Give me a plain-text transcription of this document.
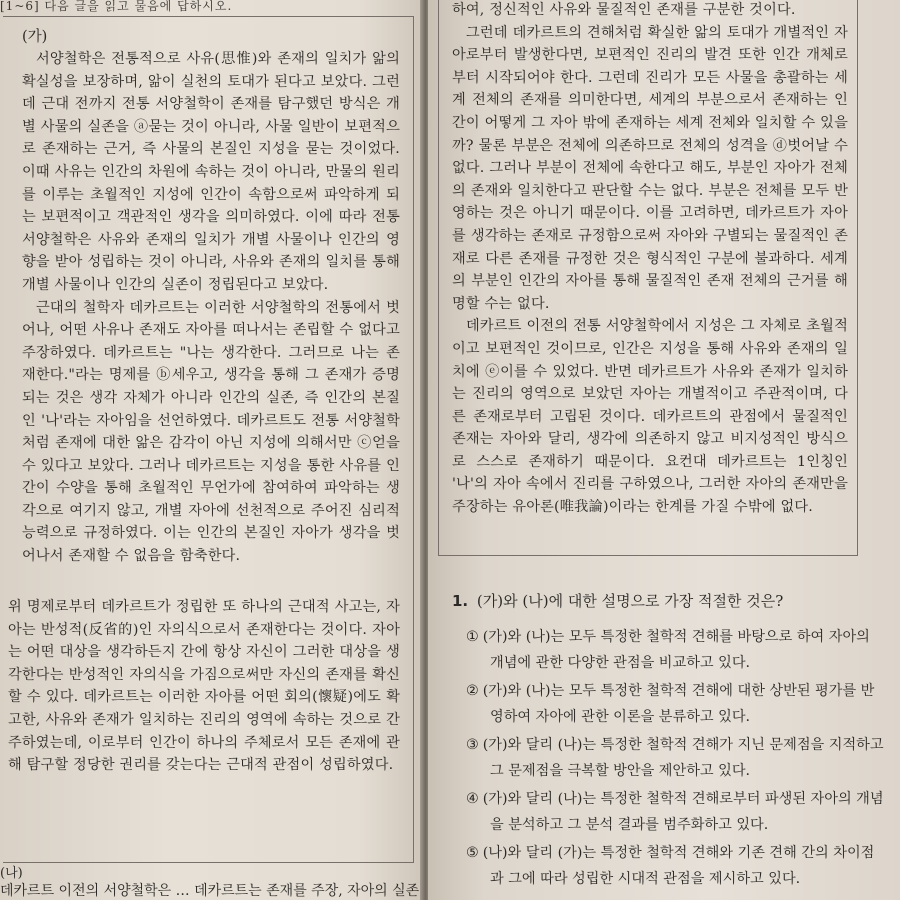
[1~6] 다음 글을 읽고 물음에 답하시오.
(가)

서양철학은 전통적으로 사유(思惟)와 존재의 일치가 앎의 확실성을 보장하며, 앎이 실천의 토대가 된다고 보았다. 그런데 근대 전까지 전통 서양철학이 존재를 탐구했던 방식은 개별 사물의 실존을 ⓐ묻는 것이 아니라, 사물 일반이 보편적으로 존재하는 근거, 즉 사물의 본질인 지성을 묻는 것이었다. 이때 사유는 인간의 차원에 속하는 것이 아니라, 만물의 원리를 이루는 초월적인 지성에 인간이 속함으로써 파악하게 되는 보편적이고 객관적인 생각을 의미하였다. 이에 따라 전통 서양철학은 사유와 존재의 일치가 개별 사물이나 인간의 영향을 받아 성립하는 것이 아니라, 사유와 존재의 일치를 통해 개별 사물이나 인간의 실존이 정립된다고 보았다.

근대의 철학자 데카르트는 이러한 서양철학의 전통에서 벗어나, 어떤 사유나 존재도 자아를 떠나서는 존립할 수 없다고 주장하였다. 데카르트는 "나는 생각한다. 그러므로 나는 존재한다."라는 명제를 ⓑ세우고, 생각을 통해 그 존재가 증명되는 것은 생각 자체가 아니라 인간의 실존, 즉 인간의 본질인 '나'라는 자아임을 선언하였다. 데카르트도 전통 서양철학처럼 존재에 대한 앎은 감각이 아닌 지성에 의해서만 ⓒ얻을 수 있다고 보았다. 그러나 데카르트는 지성을 통한 사유를 인간이 수양을 통해 초월적인 무언가에 참여하여 파악하는 생각으로 여기지 않고, 개별 자아에 선천적으로 주어진 심리적 능력으로 규정하였다. 이는 인간의 본질인 자아가 생각을 벗어나서 존재할 수 없음을 함축한다.

위 명제로부터 데카르트가 정립한 또 하나의 근대적 사고는, 자아는 반성적(反省的)인 자의식으로서 존재한다는 것이다. 자아는 어떤 대상을 생각하든지 간에 항상 자신이 그러한 대상을 생각한다는 반성적인 자의식을 가짐으로써만 자신의 존재를 확신할 수 있다. 데카르트는 이러한 자아를 어떤 회의(懷疑)에도 확고한, 사유와 존재가 일치하는 진리의 영역에 속하는 것으로 간주하였는데, 이로부터 인간이 하나의 주체로서 모든 존재에 관해 탐구할 정당한 권리를 갖는다는 근대적 관점이 성립하였다.

(나)
데카르트 이전의 서양철학은 … 데카르트는 존재를 주장, 자아의 실존

하여, 정신적인 사유와 물질적인 존재를 구분한 것이다.

그런데 데카르트의 견해처럼 확실한 앎의 토대가 개별적인 자아로부터 발생한다면, 보편적인 진리의 발견 또한 인간 개체로부터 시작되어야 한다. 그런데 진리가 모든 사물을 총괄하는 세계 전체의 존재를 의미한다면, 세계의 부분으로서 존재하는 인간이 어떻게 그 자아 밖에 존재하는 세계 전체와 일치할 수 있을까? 물론 부분은 전체에 의존하므로 전체의 성격을 ⓓ벗어날 수 없다. 그러나 부분이 전체에 속한다고 해도, 부분인 자아가 전체의 존재와 일치한다고 판단할 수는 없다. 부분은 전체를 모두 반영하는 것은 아니기 때문이다. 이를 고려하면, 데카르트가 자아를 생각하는 존재로 규정함으로써 자아와 구별되는 물질적인 존재로 다른 존재를 규정한 것은 형식적인 구분에 불과하다. 세계의 부분인 인간의 자아를 통해 물질적인 존재 전체의 근거를 해명할 수는 없다.

데카르트 이전의 전통 서양철학에서 지성은 그 자체로 초월적이고 보편적인 것이므로, 인간은 지성을 통해 사유와 존재의 일치에 ⓔ이를 수 있었다. 반면 데카르트가 사유와 존재가 일치하는 진리의 영역으로 보았던 자아는 개별적이고 주관적이며, 다른 존재로부터 고립된 것이다. 데카르트의 관점에서 물질적인 존재는 자아와 달리, 생각에 의존하지 않고 비지성적인 방식으로 스스로 존재하기 때문이다. 요컨대 데카르트는 1인칭인 '나'의 자아 속에서 진리를 구하였으나, 그러한 자아의 존재만을 주장하는 유아론(唯我論)이라는 한계를 가질 수밖에 없다.

1. (가)와 (나)에 대한 설명으로 가장 적절한 것은?
① (가)와 (나)는 모두 특정한 철학적 견해를 바탕으로 하여 자아의 개념에 관한 다양한 관점을 비교하고 있다.
② (가)와 (나)는 모두 특정한 철학적 견해에 대한 상반된 평가를 반영하여 자아에 관한 이론을 분류하고 있다.
③ (가)와 달리 (나)는 특정한 철학적 견해가 지닌 문제점을 지적하고 그 문제점을 극복할 방안을 제안하고 있다.
④ (가)와 달리 (나)는 특정한 철학적 견해로부터 파생된 자아의 개념을 분석하고 그 분석 결과를 범주화하고 있다.
⑤ (나)와 달리 (가)는 특정한 철학적 견해와 기존 견해 간의 차이점과 그에 따라 성립한 시대적 관점을 제시하고 있다.
